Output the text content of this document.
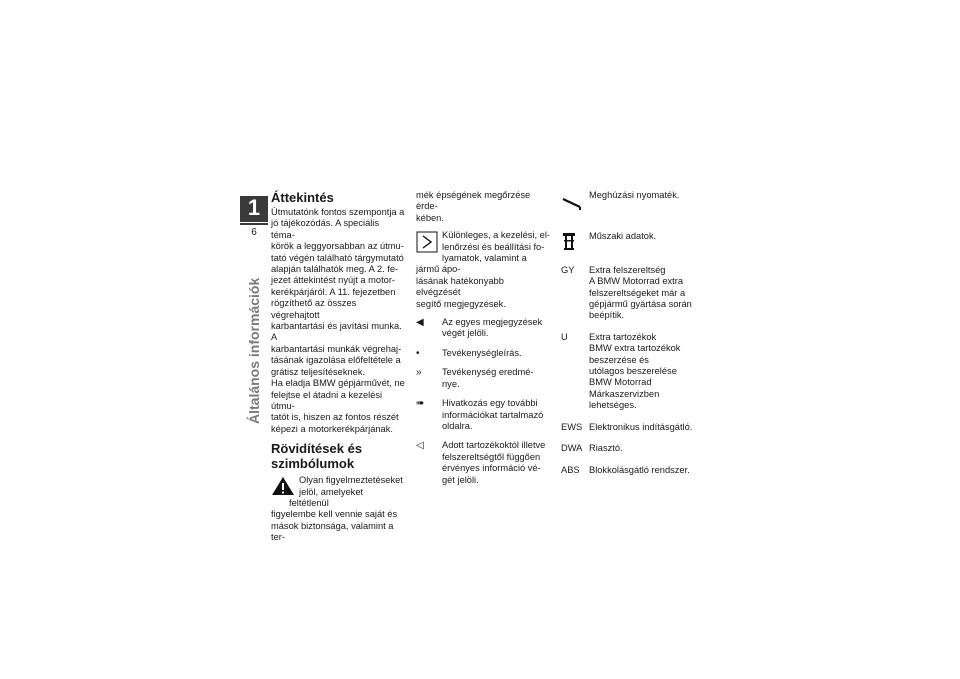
1
6
Általános információk
Áttekintés

Útmutatónk fontos szempontja a

jó tájékozódás. A speciális téma-

körök a leggyorsabban az útmu-

tató végén található tárgymutató

alapján találhatók meg. A 2. fe-

jezet áttekintést nyújt a motor-

kerékpárjáról. A 11. fejezetben

rögzíthető az összes végrehajtott

karbantartási és javítási munka. A

karbantartási munkák végrehaj-

tásának igazolása előfeltétele a

grátisz teljesítéseknek.

Ha eladja BMW gépjárművét, ne

felejtse el átadni a kezelési útmu-

tatót is, hiszen az fontos részét

képezi a motorkerékpárjának.

Rövidítések és
szimbólumok

Olyan figyelmeztetéseket

jelöl, amelyeket feltétlenül

figyelembe kell vennie saját és

mások biztonsága, valamint a ter-

mék épségének megőrzése érde-

kében.

Különleges, a kezelési, el-

lenőrzési és beállítási fo-

lyamatok, valamint a jármű ápo-

lásának hatékonyabb elvégzését

segítő megjegyzések.

◀	Az egyes megjegyzések

végét jelöli.

•	Tevékenységleírás.

»	Tevékenység eredmé-

nye.

➠	Hivatkozás egy további

információkat tartalmazó

oldalra.

◁	Adott tartozékoktól illetve

felszereltségtől függően

érvényes információ vé-

gét jelöli.

Meghúzási nyomaték.

Műszaki adatok.

GY	Extra felszereltség

A BMW Motorrad extra

felszereltségeket már a

gépjármű gyártása során

beépítik.

U	Extra tartozékok

BMW extra tartozékok

beszerzése és

utólagos beszerelése

BMW Motorrad

Márkaszervizben

lehetséges.

EWS Elektronikus indításgátló.

DWA Riasztó.

ABS	Blokkolásgátló rendszer.
